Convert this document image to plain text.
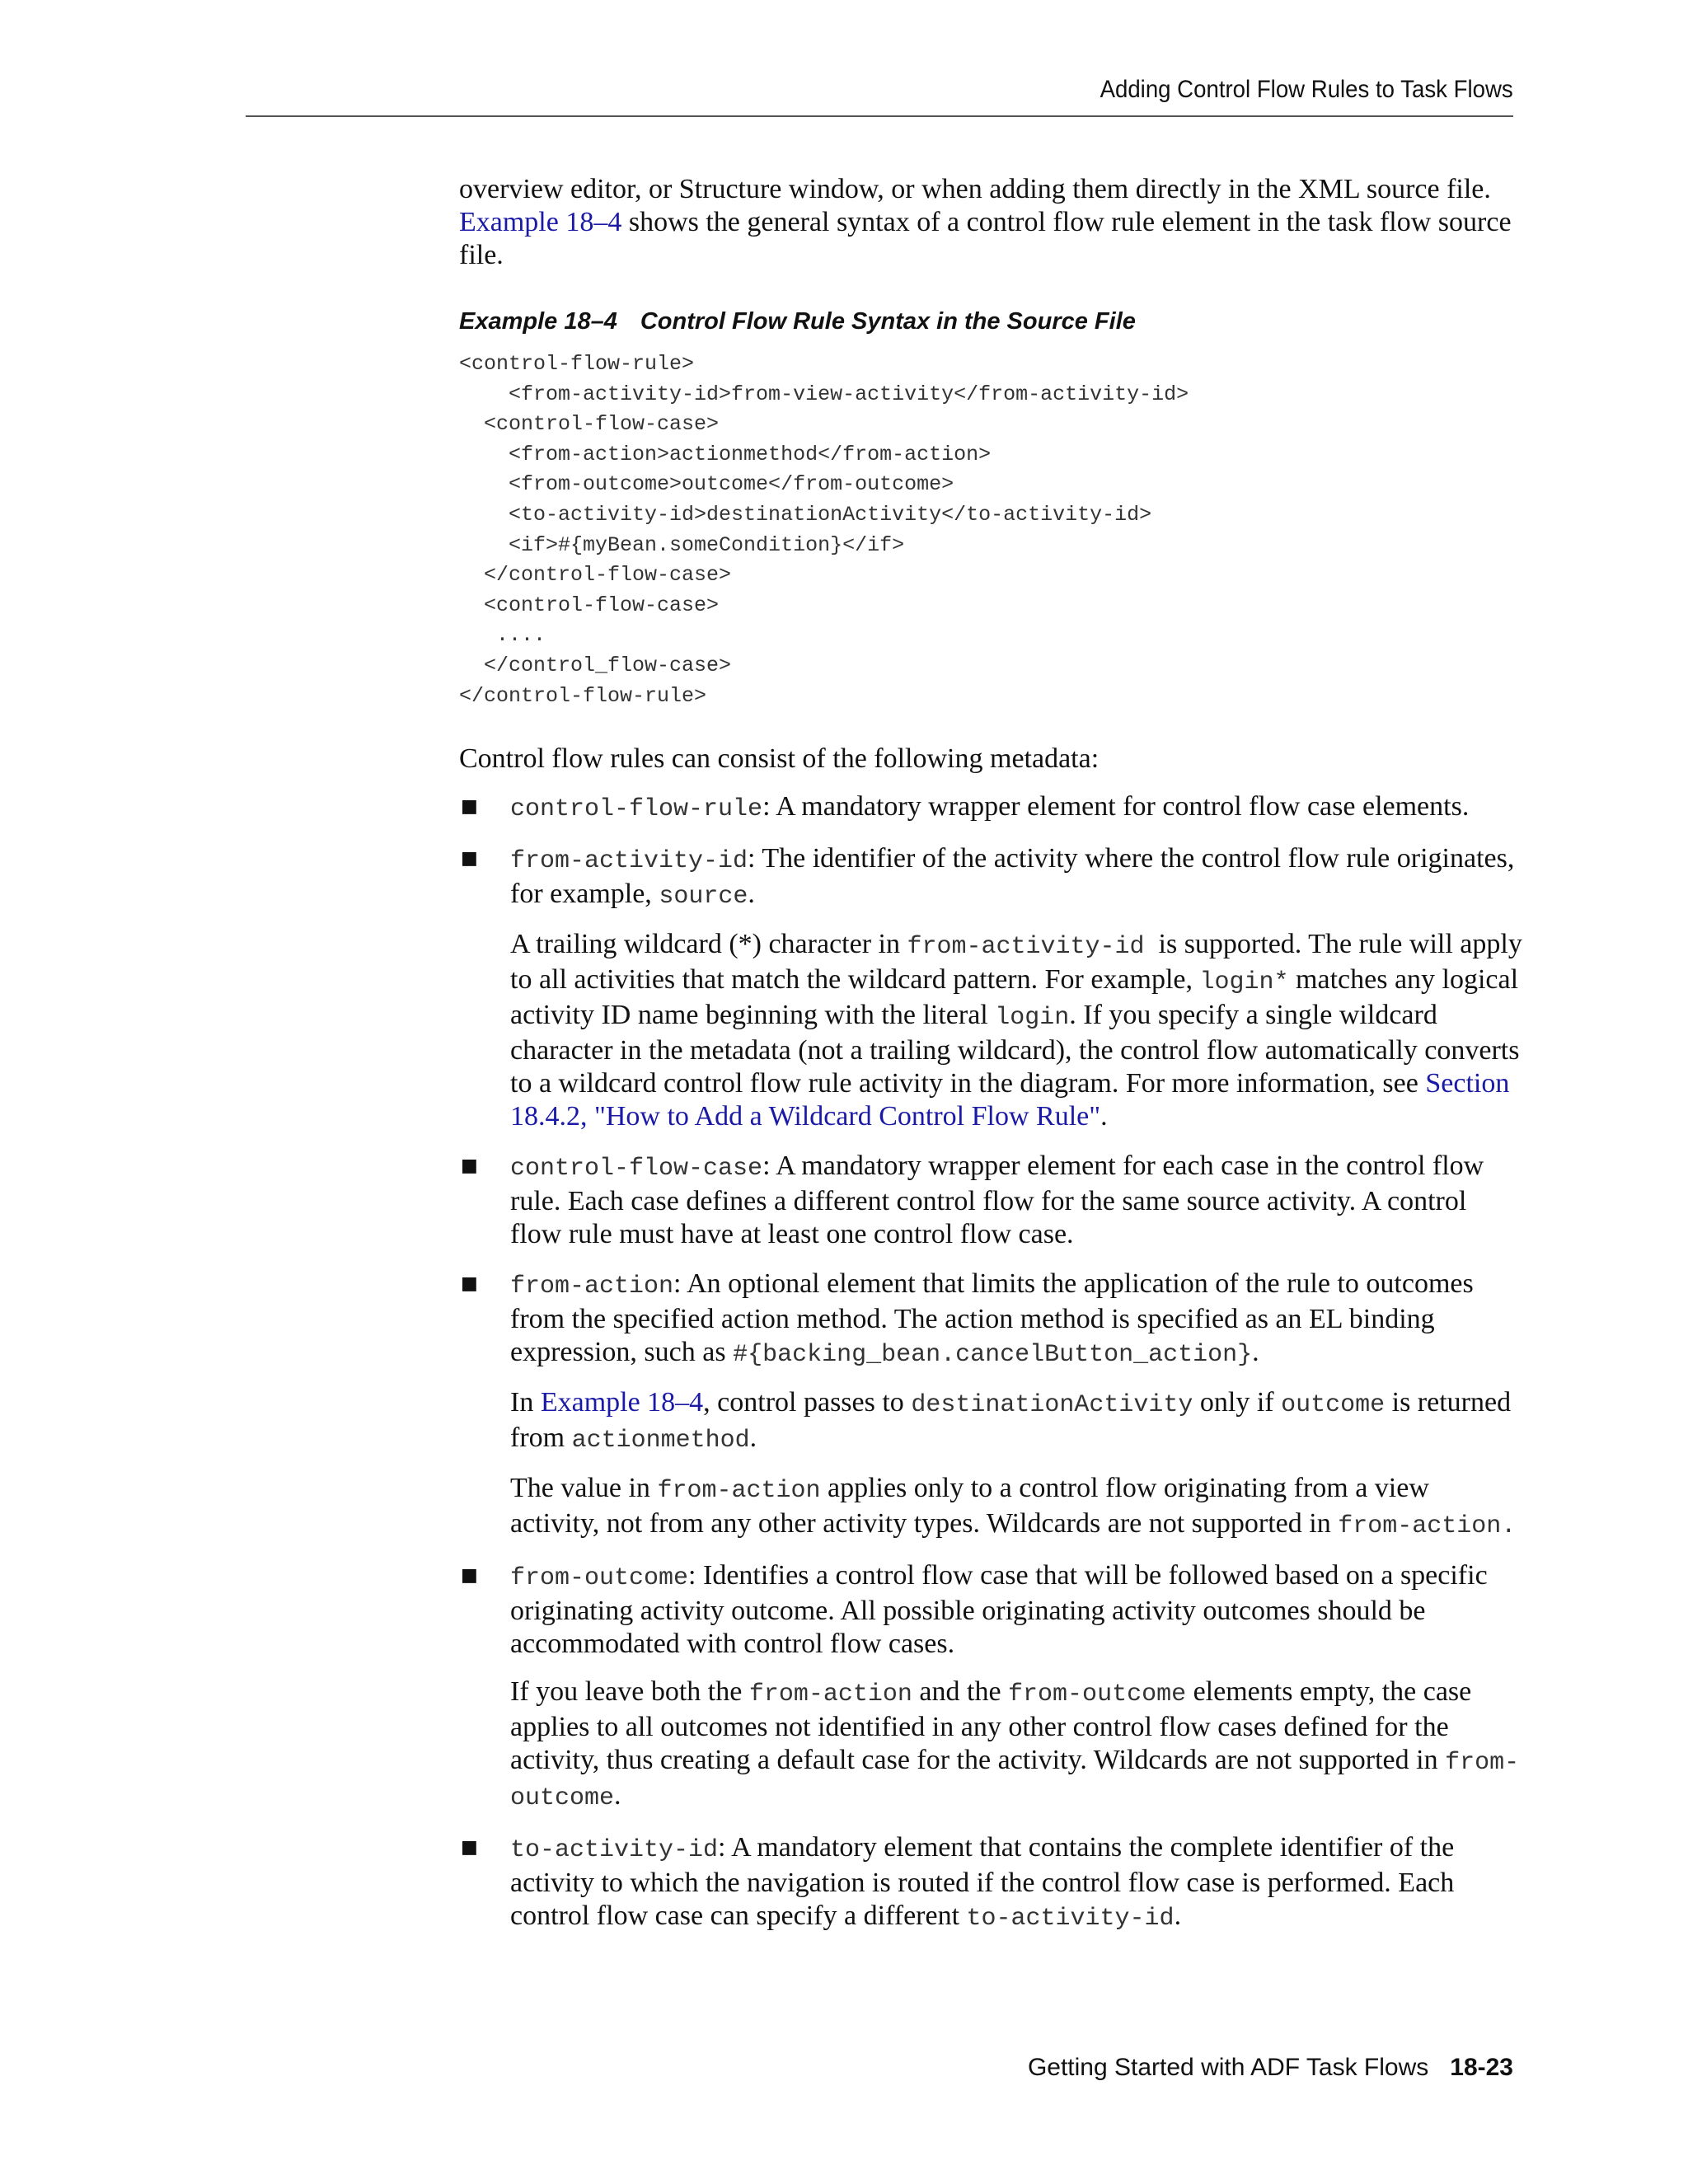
Adding Control Flow Rules to Task Flows

overview editor, or Structure window, or when adding them directly in the XML source file. Example 18–4 shows the general syntax of a control flow rule element in the task flow source file.

Example 18–4 Control Flow Rule Syntax in the Source File
<control-flow-rule>
<from-activity-id>from-view-activity</from-activity-id>
<control-flow-case>
<from-action>actionmethod</from-action>
<from-outcome>outcome</from-outcome>
<to-activity-id>destinationActivity</to-activity-id>
<if>#{myBean.someCondition}</if>
</control-flow-case>
<control-flow-case>
....
</control_flow-case>
</control-flow-rule>

Control flow rules can consist of the following metadata:

■ control-flow-rule: A mandatory wrapper element for control flow case elements.

■ from-activity-id: The identifier of the activity where the control flow rule originates, for example, source.

A trailing wildcard (*) character in from-activity-id  is supported. The rule will apply to all activities that match the wildcard pattern. For example, login* matches any logical activity ID name beginning with the literal login. If you specify a single wildcard character in the metadata (not a trailing wildcard), the control flow automatically converts to a wildcard control flow rule activity in the diagram. For more information, see Section 18.4.2, "How to Add a Wildcard Control Flow Rule".

■ control-flow-case: A mandatory wrapper element for each case in the control flow rule. Each case defines a different control flow for the same source activity. A control flow rule must have at least one control flow case.

■ from-action: An optional element that limits the application of the rule to outcomes from the specified action method. The action method is specified as an EL binding expression, such as #{backing_bean.cancelButton_action}.

In Example 18–4, control passes to destinationActivity only if outcome is returned from actionmethod.

The value in from-action applies only to a control flow originating from a view activity, not from any other activity types. Wildcards are not supported in from-action.

■ from-outcome: Identifies a control flow case that will be followed based on a specific originating activity outcome. All possible originating activity outcomes should be accommodated with control flow cases.

If you leave both the from-action and the from-outcome elements empty, the case applies to all outcomes not identified in any other control flow cases defined for the activity, thus creating a default case for the activity. Wildcards are not supported in from-outcome.

■ to-activity-id: A mandatory element that contains the complete identifier of the activity to which the navigation is routed if the control flow case is performed. Each control flow case can specify a different to-activity-id.

Getting Started with ADF Task Flows 18-23
